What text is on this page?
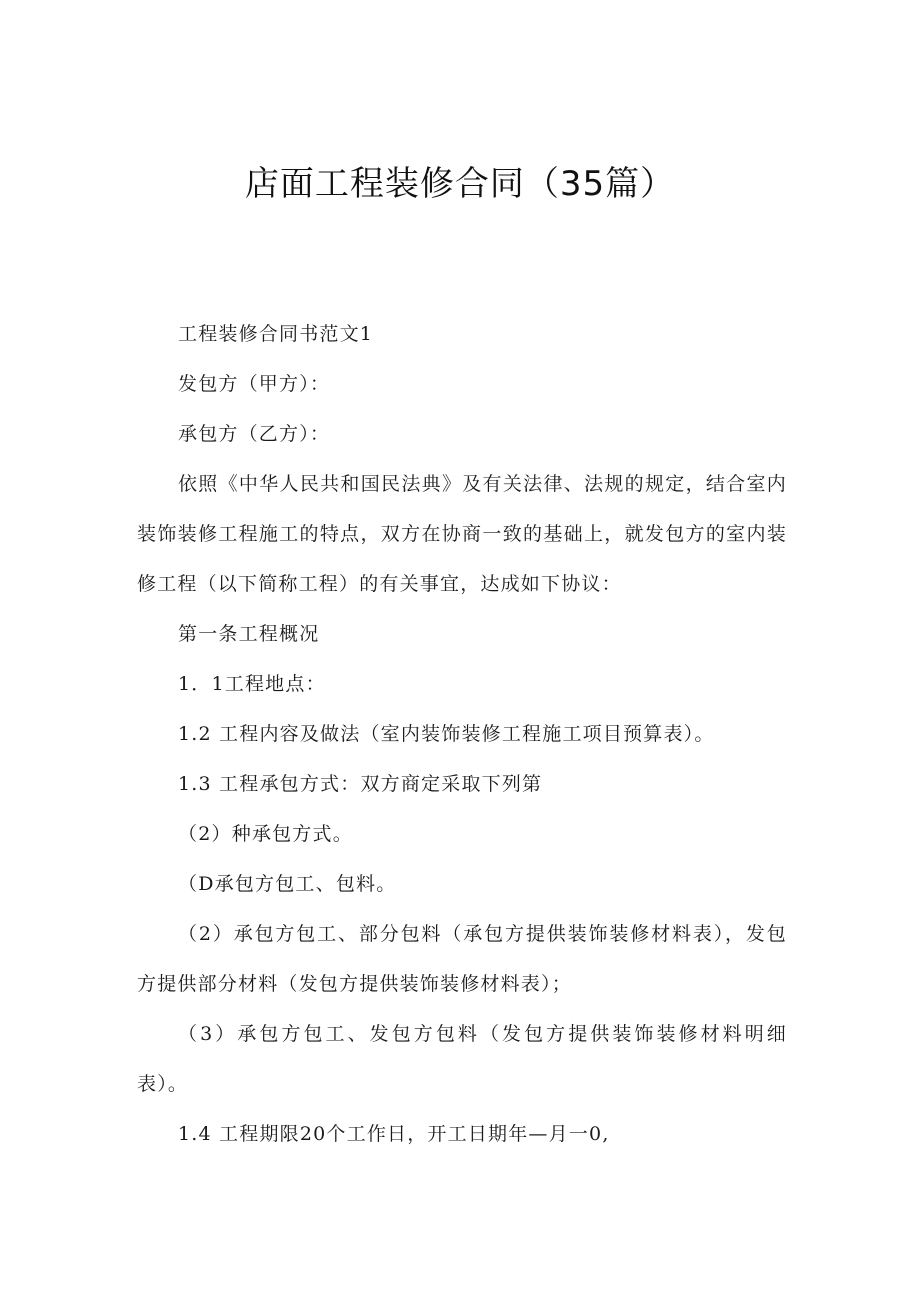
店面工程装修合同（35篇）

工程装修合同书范文1

发包方（甲方）：

承包方（乙方）：

依照《中华人民共和国民法典》及有关法律、法规的规定，结合室内装饰装修工程施工的特点，双方在协商一致的基础上，就发包方的室内装修工程（以下简称工程）的有关事宜，达成如下协议：

第一条工程概况

1．1工程地点：

1.2 工程内容及做法（室内装饰装修工程施工项目预算表）。

1.3 工程承包方式：双方商定采取下列第

（2）种承包方式。

（D承包方包工、包料。

（2）承包方包工、部分包料（承包方提供装饰装修材料表），发包方提供部分材料（发包方提供装饰装修材料表）；

（3）承包方包工、发包方包料（发包方提供装饰装修材料明细表）。

1.4 工程期限20个工作日，开工日期年—月一0,
